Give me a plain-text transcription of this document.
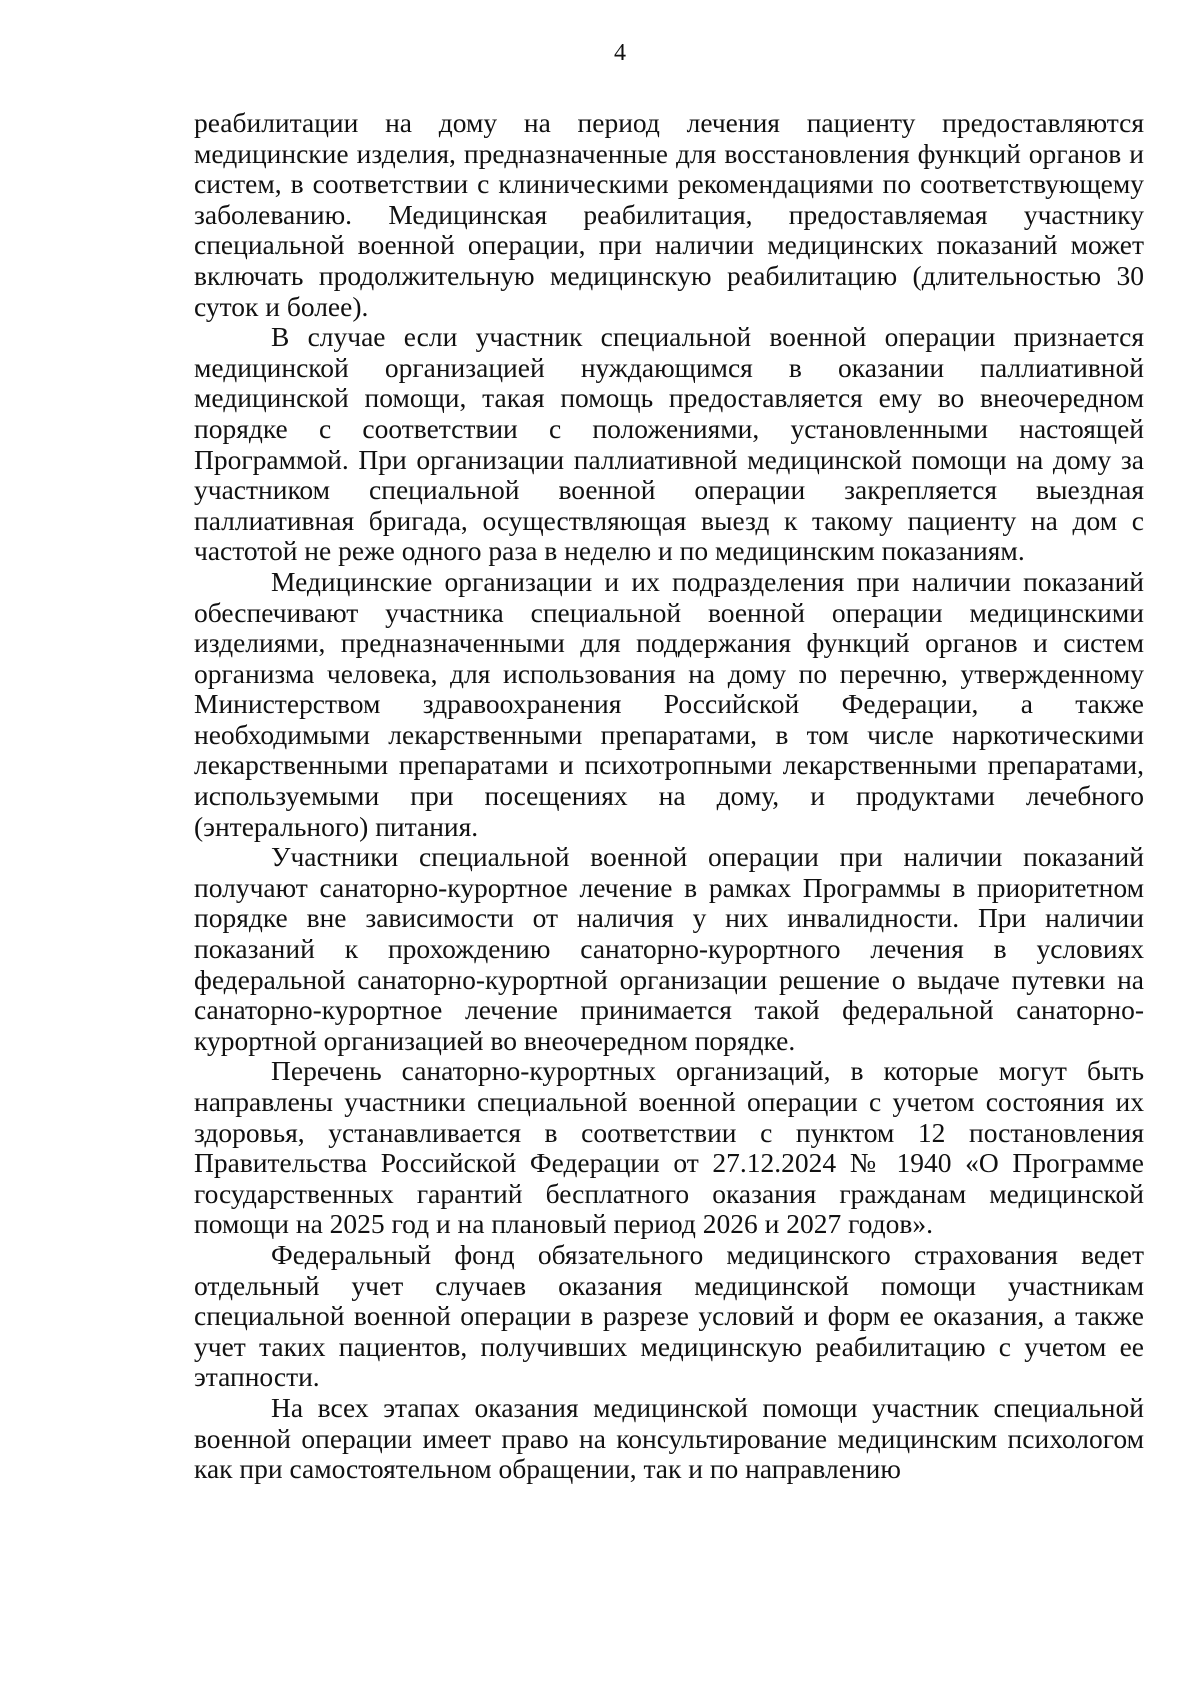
4

реабилитации на дому на период лечения пациенту предоставляются медицинские изделия, предназначенные для восстановления функций органов и систем, в соответствии с клиническими рекомендациями по соответствующему заболеванию. Медицинская реабилитация, предоставляемая участнику специальной военной операции, при наличии медицинских показаний может включать продолжительную медицинскую реабилитацию (длительностью 30 суток и более).

В случае если участник специальной военной операции признается медицинской организацией нуждающимся в оказании паллиативной медицинской помощи, такая помощь предоставляется ему во внеочередном порядке с соответствии с положениями, установленными настоящей Программой. При организации паллиативной медицинской помощи на дому за участником специальной военной операции закрепляется выездная паллиативная бригада, осуществляющая выезд к такому пациенту на дом с частотой не реже одного раза в неделю и по медицинским показаниям.

Медицинские организации и их подразделения при наличии показаний обеспечивают участника специальной военной операции медицинскими изделиями, предназначенными для поддержания функций органов и систем организма человека, для использования на дому по перечню, утвержденному Министерством здравоохранения Российской Федерации, а также необходимыми лекарственными препаратами, в том числе наркотическими лекарственными препаратами и психотропными лекарственными препаратами, используемыми при посещениях на дому, и продуктами лечебного (энтерального) питания.

Участники специальной военной операции при наличии показаний получают санаторно-курортное лечение в рамках Программы в приоритетном порядке вне зависимости от наличия у них инвалидности. При наличии показаний к прохождению санаторно-курортного лечения в условиях федеральной санаторно-курортной организации решение о выдаче путевки на санаторно-курортное лечение принимается такой федеральной санаторно-курортной организацией во внеочередном порядке.

Перечень санаторно-курортных организаций, в которые могут быть направлены участники специальной военной операции с учетом состояния их здоровья, устанавливается в соответствии с пунктом 12 постановления Правительства Российской Федерации от 27.12.2024 № 1940 «О Программе государственных гарантий бесплатного оказания гражданам медицинской помощи на 2025 год и на плановый период 2026 и 2027 годов».

Федеральный фонд обязательного медицинского страхования ведет отдельный учет случаев оказания медицинской помощи участникам специальной военной операции в разрезе условий и форм ее оказания, а также учет таких пациентов, получивших медицинскую реабилитацию с учетом ее этапности.

На всех этапах оказания медицинской помощи участник специальной военной операции имеет право на консультирование медицинским психологом как при самостоятельном обращении, так и по направлению
